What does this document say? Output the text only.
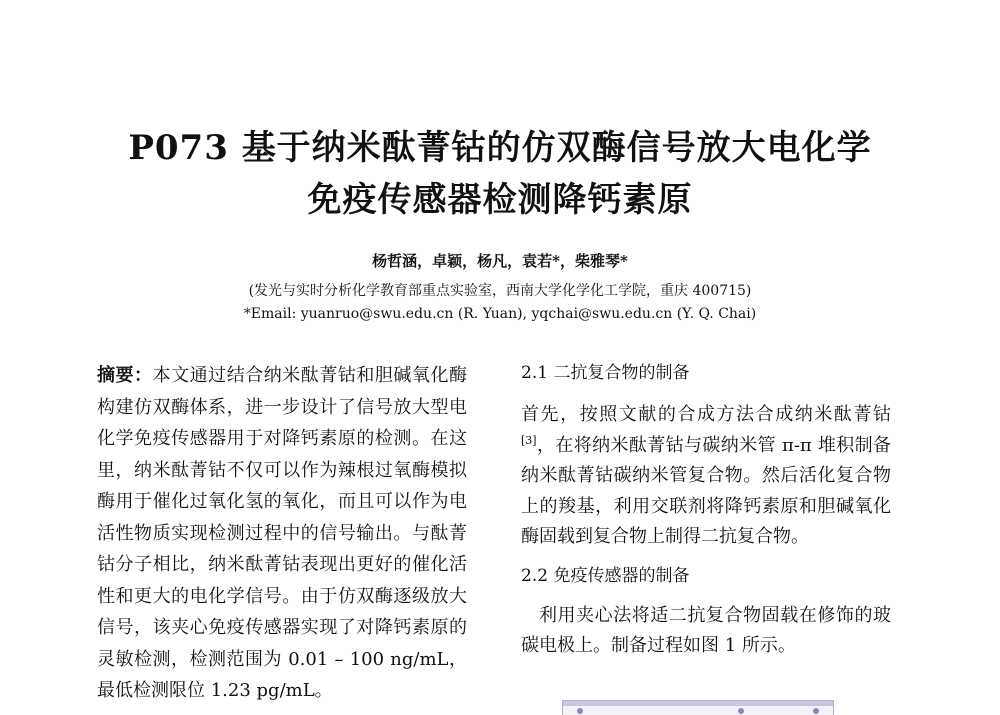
P073 基于纳米酞菁钴的仿双酶信号放大电化学
免疫传感器检测降钙素原
杨哲涵，卓颖，杨凡，袁若*，柴雅琴*
(发光与实时分析化学教育部重点实验室，西南大学化学化工学院，重庆 400715)
*Email: yuanruo@swu.edu.cn (R. Yuan), yqchai@swu.edu.cn (Y. Q. Chai)
摘要：本文通过结合纳米酞菁钴和胆碱氧化酶构建仿双酶体系，进一步设计了信号放大型电化学免疫传感器用于对降钙素原的检测。在这里，纳米酞菁钴不仅可以作为辣根过氧酶模拟酶用于催化过氧化氢的氧化，而且可以作为电活性物质实现检测过程中的信号输出。与酞菁钴分子相比，纳米酞菁钴表现出更好的催化活性和更大的电化学信号。由于仿双酶逐级放大信号，该夹心免疫传感器实现了对降钙素原的灵敏检测，检测范围为 0.01 – 100 ng/mL，最低检测限位 1.23 pg/mL。

2.1 二抗复合物的制备

首先，按照文献的合成方法合成纳米酞菁钴[3]，在将纳米酞菁钴与碳纳米管 π-π 堆积制备纳米酞菁钴碳纳米管复合物。然后活化复合物上的羧基，利用交联剂将降钙素原和胆碱氧化酶固载到复合物上制得二抗复合物。

2.2 免疫传感器的制备

利用夹心法将适二抗复合物固载在修饰的玻碳电极上。制备过程如图 1 所示。
